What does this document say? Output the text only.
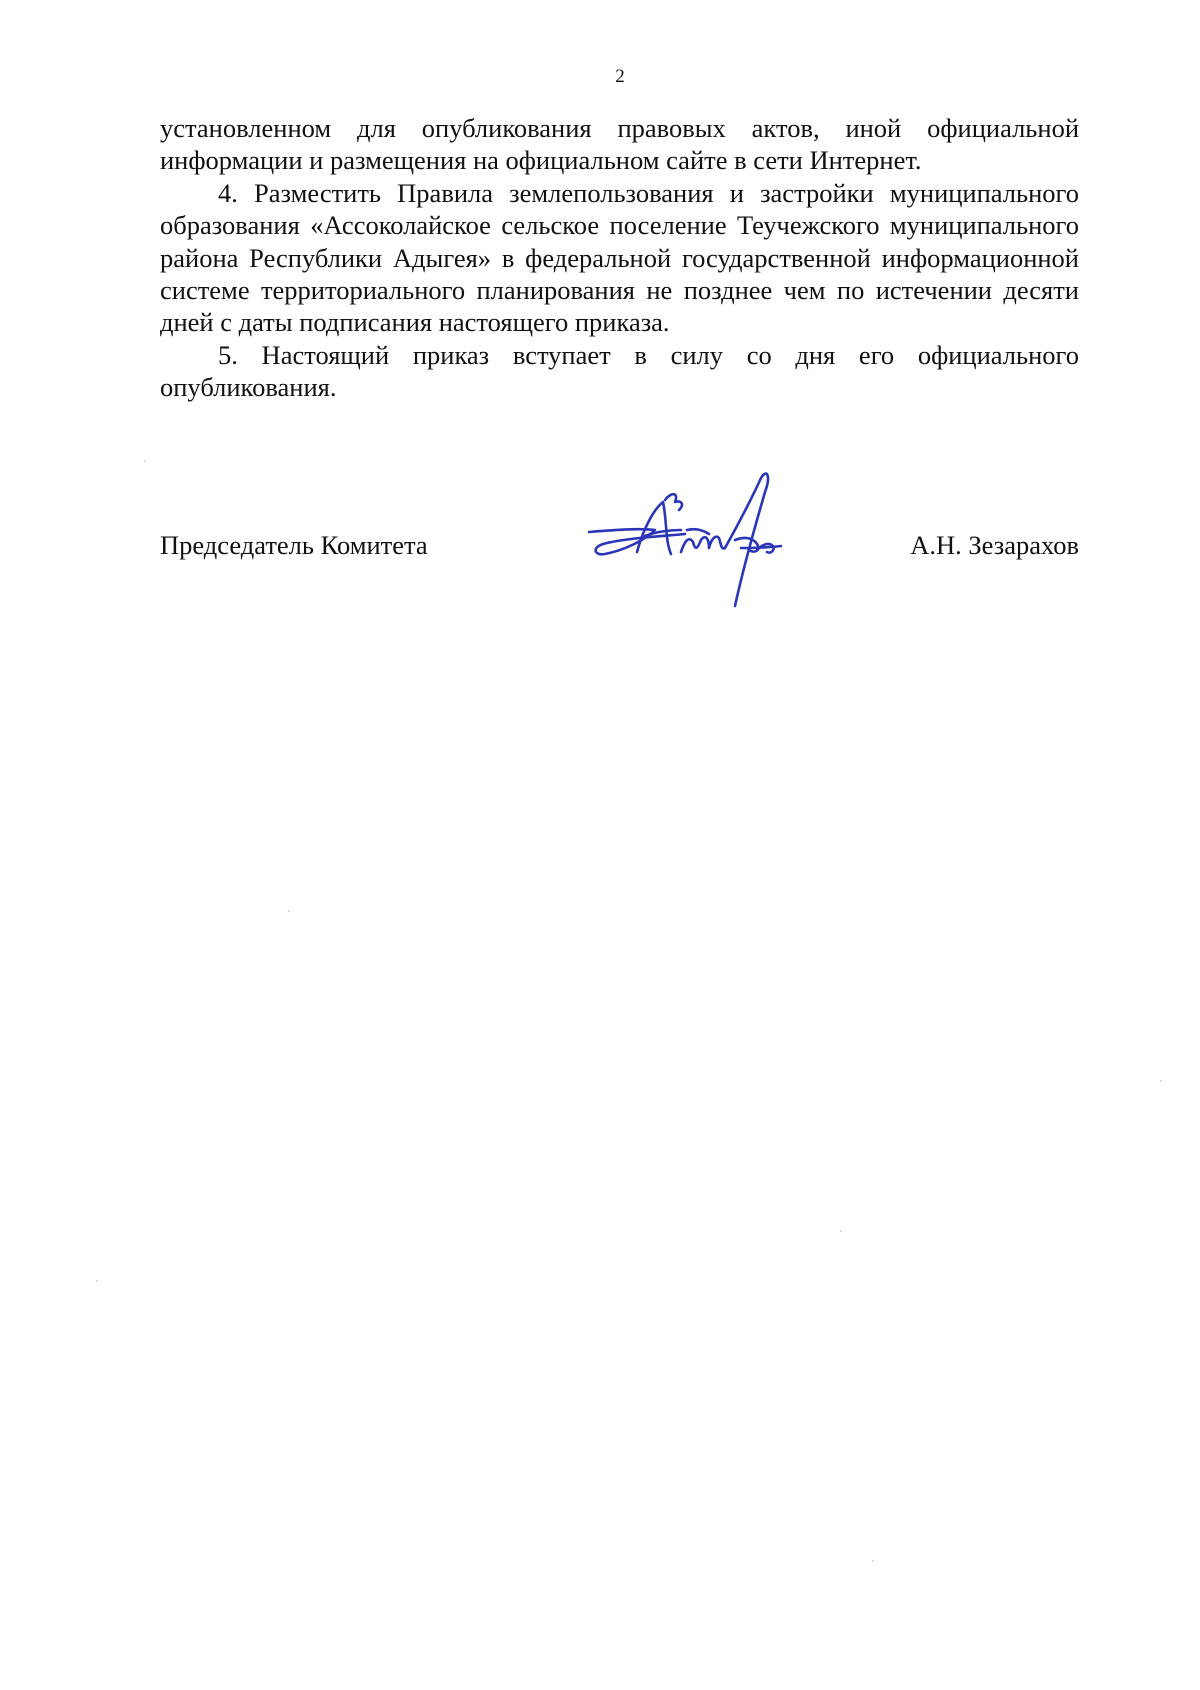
2

установленном для опубликования правовых актов, иной официальной информации и размещения на официальном сайте в сети Интернет.

4. Разместить Правила землепользования и застройки муниципального образования «Ассоколайское сельское поселение Теучежского муниципального района Республики Адыгея» в федеральной государственной информационной системе территориального планирования не позднее чем по истечении десяти дней с даты подписания настоящего приказа.

5. Настоящий приказ вступает в силу со дня его официального опубликования.

Председатель Комитета	А.Н. Зезарахов
